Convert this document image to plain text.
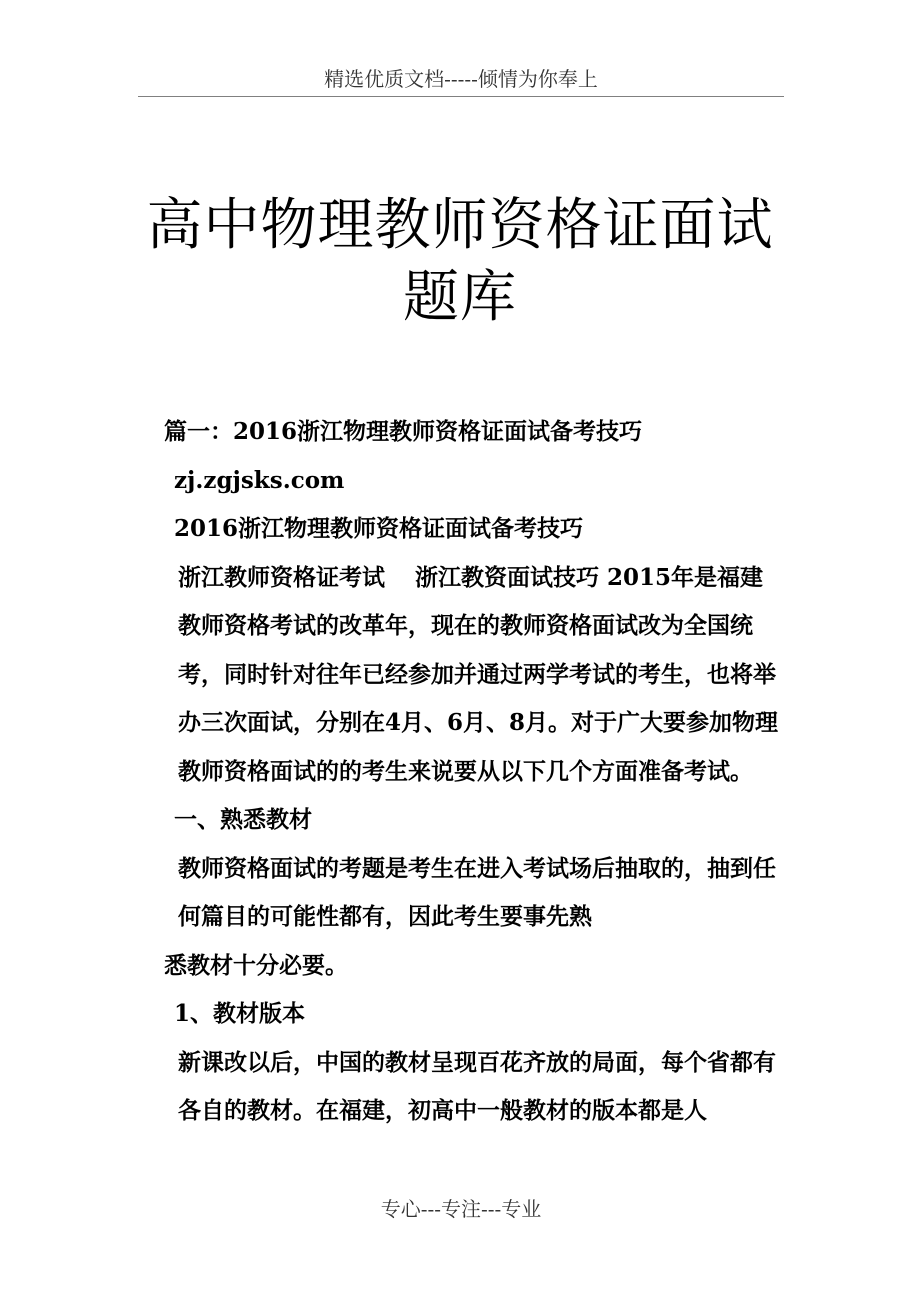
精选优质文档-----倾情为你奉上
高中物理教师资格证面试
题库

篇一：2016浙江物理教师资格证面试备考技巧

zj.zgjsks.com

2016浙江物理教师资格证面试备考技巧

浙江教师资格证考试 浙江教资面试技巧 2015年是福建教师资格考试的改革年，现在的教师资格面试改为全国统考，同时针对往年已经参加并通过两学考试的考生，也将举办三次面试，分别在4月、6月、8月。对于广大要参加物理教师资格面试的的考生来说要从以下几个方面准备考试。

一、熟悉教材

教师资格面试的考题是考生在进入考试场后抽取的，抽到任何篇目的可能性都有，因此考生要事先熟

悉教材十分必要。

1、教材版本

新课改以后，中国的教材呈现百花齐放的局面，每个省都有各自的教材。在福建，初高中一般教材的版本都是人

专心---专注---专业
